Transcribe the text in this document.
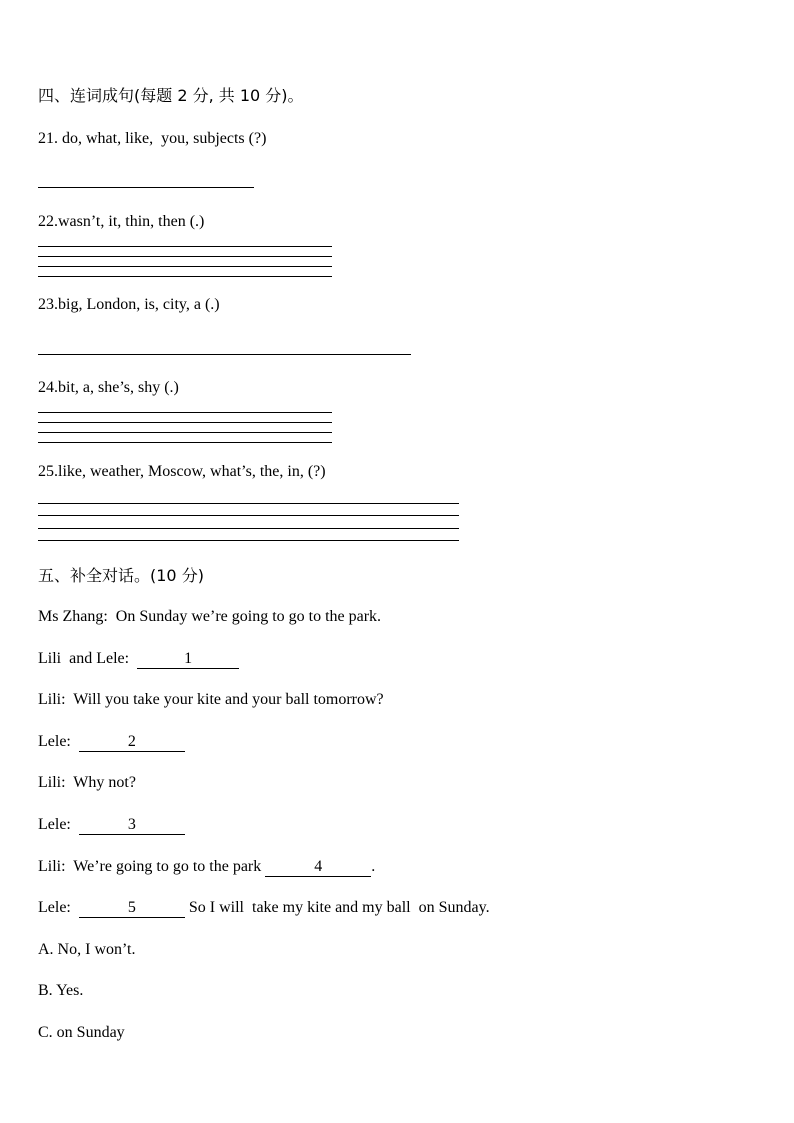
四、连词成句(每题 2 分, 共 10 分)。
21. do, what, like,  you, subjects (?)
22.wasn’t, it, thin, then (.)
23.big, London, is, city, a (.)
24.bit, a, she’s, shy (.)
25.like, weather, Moscow, what’s, the, in, (?)
五、补全对话。(10 分)
Ms Zhang:  On Sunday we’re going to go to the park.
Lili  and Lele:	1
Lili:  Will you take your kite and your ball tomorrow?
Lele:	2
Lili:  Why not?
Lele:	3
Lili:  We’re going to go to the park	4	.
Lele:	5	So I will  take my kite and my ball  on Sunday.
A. No, I won’t.
B. Yes.
C. on Sunday
